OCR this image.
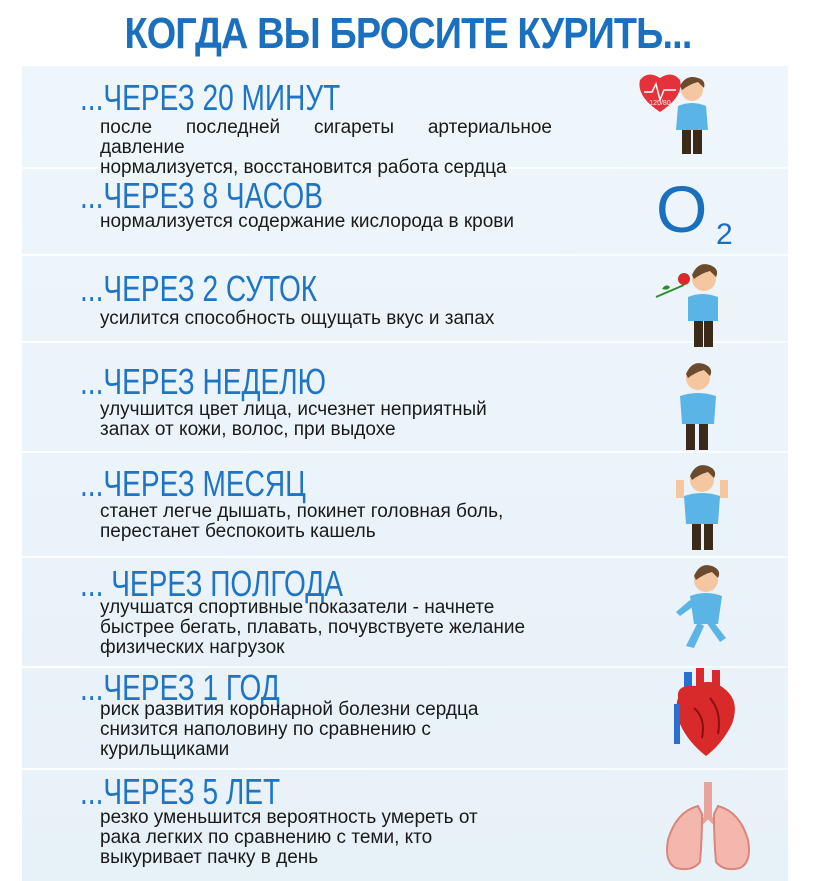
КОГДА ВЫ БРОСИТЕ КУРИТЬ...
...ЧЕРЕЗ 20 МИНУТ
после последней сигареты артериальное давление
нормализуется, восстановится работа сердца
120/80
...ЧЕРЕЗ 8 ЧАСОВ
нормализуется содержание кислорода в крови	O 2
...ЧЕРЕЗ 2 СУТОК
усилится способность ощущать вкус и запах
...ЧЕРЕЗ НЕДЕЛЮ
улучшится цвет лица, исчезнет неприятный
запах от кожи, волос, при выдохе
...ЧЕРЕЗ МЕСЯЦ
станет легче дышать, покинет головная боль,
перестанет беспокоить кашель
... ЧЕРЕЗ ПОЛГОДА
улучшатся спортивные показатели - начнете
быстрее бегать, плавать, почувствуете желание
физических нагрузок
...ЧЕРЕЗ 1 ГОД
риск развития коронарной болезни сердца
снизится наполовину по сравнению с
курильщиками
...ЧЕРЕЗ 5 ЛЕТ
резко уменьшится вероятность умереть от
рака легких по сравнению с теми, кто
выкуривает пачку в день
